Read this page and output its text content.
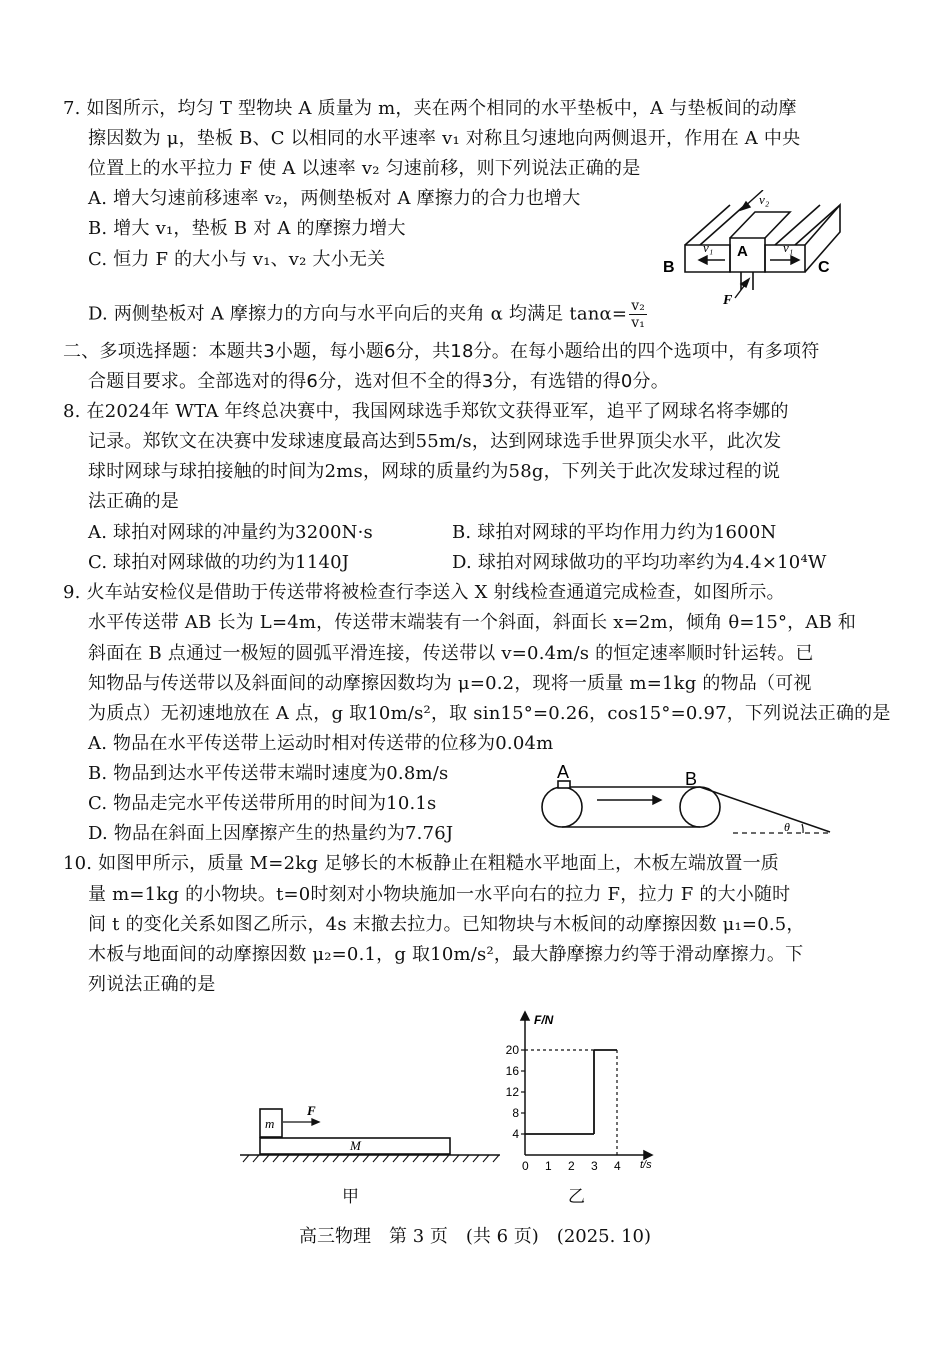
7. 如图所示，均匀 T 型物块 A 质量为 m，夹在两个相同的水平垫板中，A 与垫板间的动摩
擦因数为 μ，垫板 B、C 以相同的水平速率 v₁ 对称且匀速地向两侧退开，作用在 A 中央
位置上的水平拉力 F 使 A 以速率 v₂ 匀速前移，则下列说法正确的是
A. 增大匀速前移速率 v₂，两侧垫板对 A 摩擦力的合力也增大
B. 增大 v₁，垫板 B 对 A 的摩擦力增大
C. 恒力 F 的大小与 v₁、v₂ 大小无关
D. 两侧垫板对 A 摩擦力的方向与水平向后的夹角 α 均满足 $\tan\alpha= \frac{\text{v₂}}{\text{v₁}}$
B	C
A
F
v₁	v₁
v₂
二、多项选择题：本题共3小题，每小题6分，共18分。在每小题给出的四个选项中，有多项符
合题目要求。全部选对的得6分，选对但不全的得3分，有选错的得0分。
8. 在2024年 WTA 年终总决赛中，我国网球选手郑钦文获得亚军，追平了网球名将李娜的
记录。郑钦文在决赛中发球速度最高达到55m/s，达到网球选手世界顶尖水平，此次发
球时网球与球拍接触的时间为2ms，网球的质量约为58g，下列关于此次发球过程的说
法正确的是
A. 球拍对网球的冲量约为3200N·s	B. 球拍对网球的平均作用力约为1600N
C. 球拍对网球做的功约为1140J	D. 球拍对网球做功的平均功率约为4.4×10⁴W
9. 火车站安检仪是借助于传送带将被检查行李送入 X 射线检查通道完成检查，如图所示。
水平传送带 AB 长为 L=4m，传送带末端装有一个斜面，斜面长 x=2m，倾角 θ=15°，AB 和
斜面在 B 点通过一极短的圆弧平滑连接，传送带以 v=0.4m/s 的恒定速率顺时针运转。已
知物品与传送带以及斜面间的动摩擦因数均为 μ=0.2，现将一质量 m=1kg 的物品（可视
为质点）无初速地放在 A 点，g 取10m/s²，取 sin15°=0.26，cos15°=0.97，下列说法正确的是
A. 物品在水平传送带上运动时相对传送带的位移为0.04m
B. 物品到达水平传送带末端时速度为0.8m/s
C. 物品走完水平传送带所用的时间为10.1s
D. 物品在斜面上因摩擦产生的热量约为7.76J
A	B
θ
10. 如图甲所示，质量 M=2kg 足够长的木板静止在粗糙水平地面上，木板左端放置一质
量 m=1kg 的小物块。t=0时刻对小物块施加一水平向右的拉力 F，拉力 F 的大小随时
间 t 的变化关系如图乙所示，4s 末撤去拉力。已知物块与木板间的动摩擦因数 μ₁=0.5，
木板与地面间的动摩擦因数 μ₂=0.1，g 取10m/s²，最大静摩擦力约等于滑动摩擦力。下
列说法正确的是
m
F
M
甲
F/N
t/s
0 1 2 3 4
4
8
12
16
20
乙
高三物理　第 3 页　(共 6 页)　(2025. 10)
